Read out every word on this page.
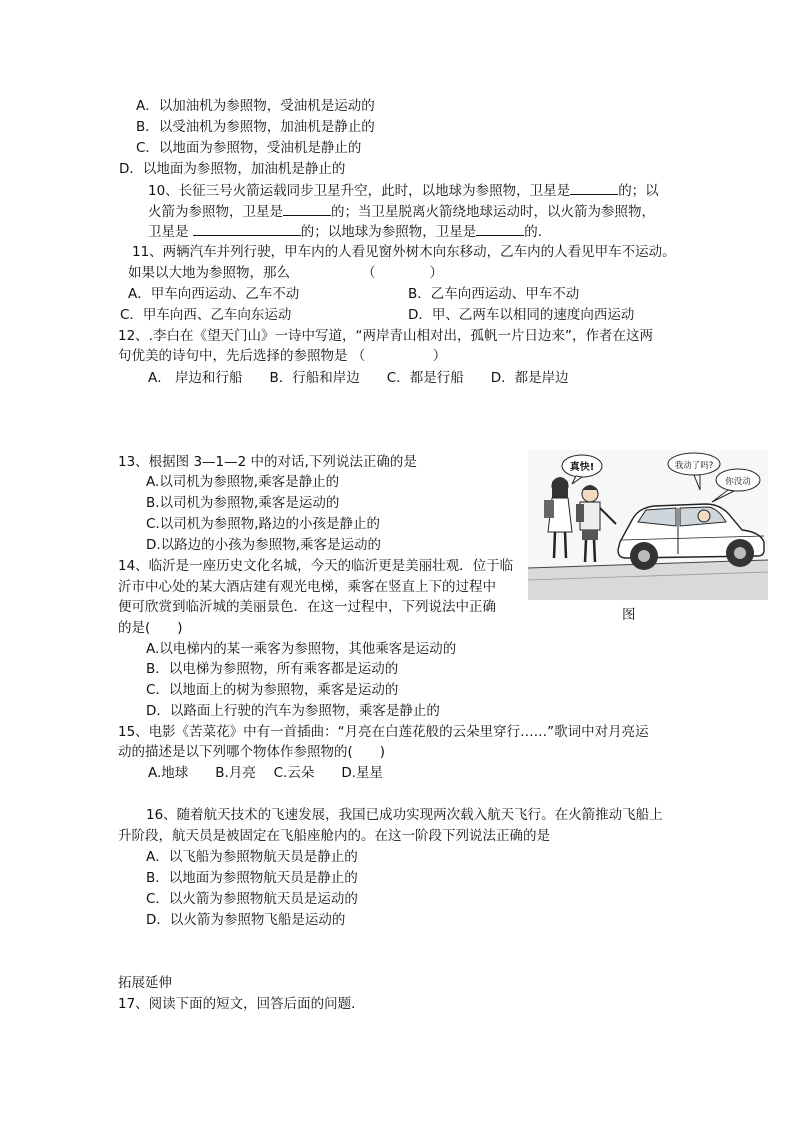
A．以加油机为参照物，受油机是运动的
B．以受油机为参照物，加油机是静止的
C．以地面为参照物，受油机是静止的
D．以地面为参照物，加油机是静止的
10、长征三号火箭运载同步卫星升空，此时，以地球为参照物，卫星是	的；以
火箭为参照物，卫星是	的；当卫星脱离火箭绕地球运动时，以火箭为参照物，
卫星是	的；以地球为参照物，卫星是	的.
11、两辆汽车并列行驶，甲车内的人看见窗外树木向东移动，乙车内的人看见甲车不运动。
如果以大地为参照物，那么	（　　　　）
A．甲车向西运动、乙车不动	B．乙车向西运动、甲车不动
C．甲车向西、乙车向东运动	D．甲、乙两车以相同的速度向西运动
12、.李白在《望天门山》一诗中写道，“两岸青山相对出，孤帆一片日边来”，作者在这两
句优美的诗句中，先后选择的参照物是 （　　　　　）
A． 岸边和行船　　B．行船和岸边　　C．都是行船　　D．都是岸边
13、根据图 3—1—2 中的对话,下列说法正确的是
A.以司机为参照物,乘客是静止的
B.以司机为参照物,乘客是运动的
C.以司机为参照物,路边的小孩是静止的
D.以路边的小孩为参照物,乘客是运动的
真快!	我动了吗?
你没动
图
14、临沂是一座历史文化名城，今天的临沂更是美丽壮观．位于临
沂市中心处的某大酒店建有观光电梯，乘客在竖直上下的过程中
便可欣赏到临沂城的美丽景色．在这一过程中，下列说法中正确
的是(　　)
A.以电梯内的某一乘客为参照物，其他乘客是运动的
B．以电梯为参照物，所有乘客都是运动的
C．以地面上的树为参照物，乘客是运动的
D．以路面上行驶的汽车为参照物，乘客是静止的
15、电影《苦菜花》中有一首插曲：“月亮在白莲花般的云朵里穿行……”歌词中对月亮运
动的描述是以下列哪个物体作参照物的(　　)
A.地球　　B.月亮　 C.云朵　　D.星星
16、随着航天技术的飞速发展，我国已成功实现两次载入航天飞行。在火箭推动飞船上
升阶段，航天员是被固定在飞船座舱内的。在这一阶段下列说法正确的是
A．以飞船为参照物航天员是静止的
B．以地面为参照物航天员是静止的
C．以火箭为参照物航天员是运动的
D．以火箭为参照物飞船是运动的
拓展延伸
17、阅读下面的短文，回答后面的问题．
